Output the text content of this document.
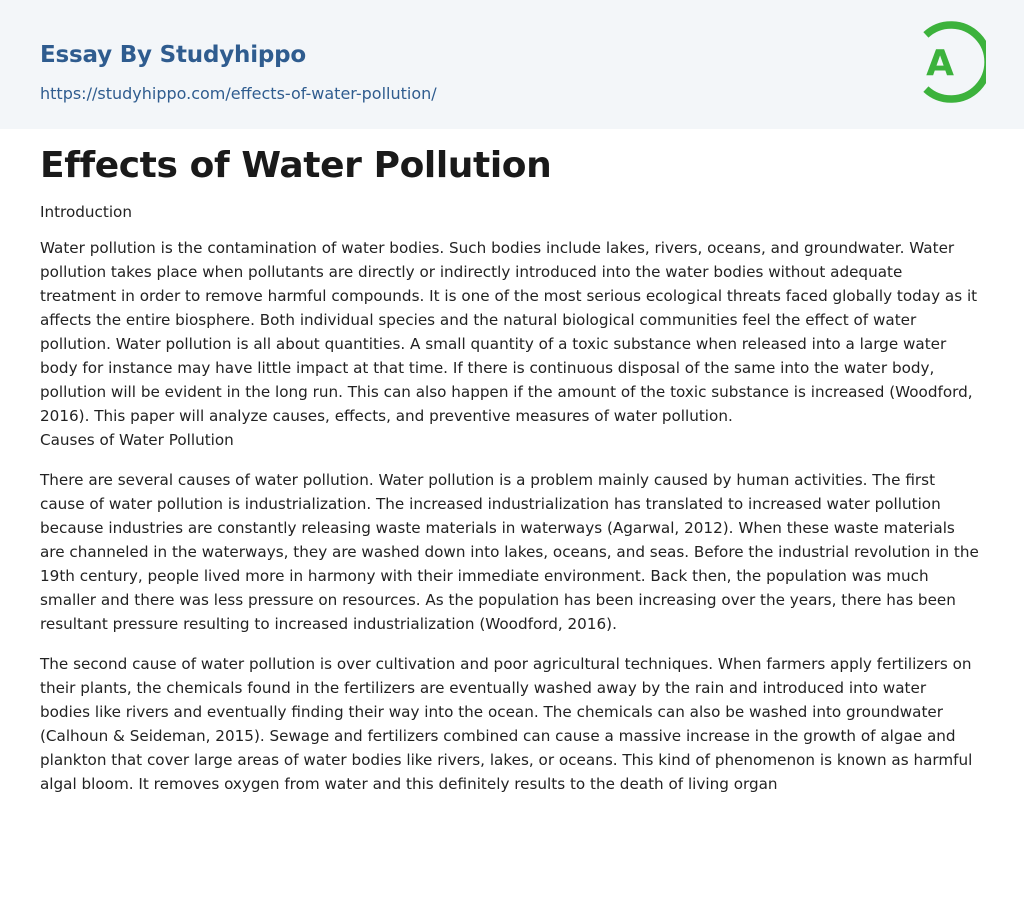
Essay By Studyhippo
https://studyhippo.com/effects-of-water-pollution/
A
Effects of Water Pollution

Introduction

Water pollution is the contamination of water bodies. Such bodies include lakes, rivers, oceans, and groundwater. Water pollution takes place when pollutants are directly or indirectly introduced into the water bodies without adequate treatment in order to remove harmful compounds. It is one of the most serious ecological threats faced globally today as it affects the entire biosphere. Both individual species and the natural biological communities feel the effect of water pollution. Water pollution is all about quantities. A small quantity of a toxic substance when released into a large water body for instance may have little impact at that time. If there is continuous disposal of the same into the water body, pollution will be evident in the long run. This can also happen if the amount of the toxic substance is increased (Woodford, 2016). This paper will analyze causes, effects, and preventive measures of water pollution.

Causes of Water Pollution

There are several causes of water pollution. Water pollution is a problem mainly caused by human activities. The first cause of water pollution is industrialization. The increased industrialization has translated to increased water pollution because industries are constantly releasing waste materials in waterways (Agarwal, 2012). When these waste materials are channeled in the waterways, they are washed down into lakes, oceans, and seas. Before the industrial revolution in the 19th century, people lived more in harmony with their immediate environment. Back then, the population was much smaller and there was less pressure on resources. As the population has been increasing over the years, there has been resultant pressure resulting to increased industrialization (Woodford, 2016).

The second cause of water pollution is over cultivation and poor agricultural techniques. When farmers apply fertilizers on their plants, the chemicals found in the fertilizers are eventually washed away by the rain and introduced into water bodies like rivers and eventually finding their way into the ocean. The chemicals can also be washed into groundwater (Calhoun & Seideman, 2015). Sewage and fertilizers combined can cause a massive increase in the growth of algae and plankton that cover large areas of water bodies like rivers, lakes, or oceans. This kind of phenomenon is known as harmful algal bloom. It removes oxygen from water and this definitely results to the death of living organ
